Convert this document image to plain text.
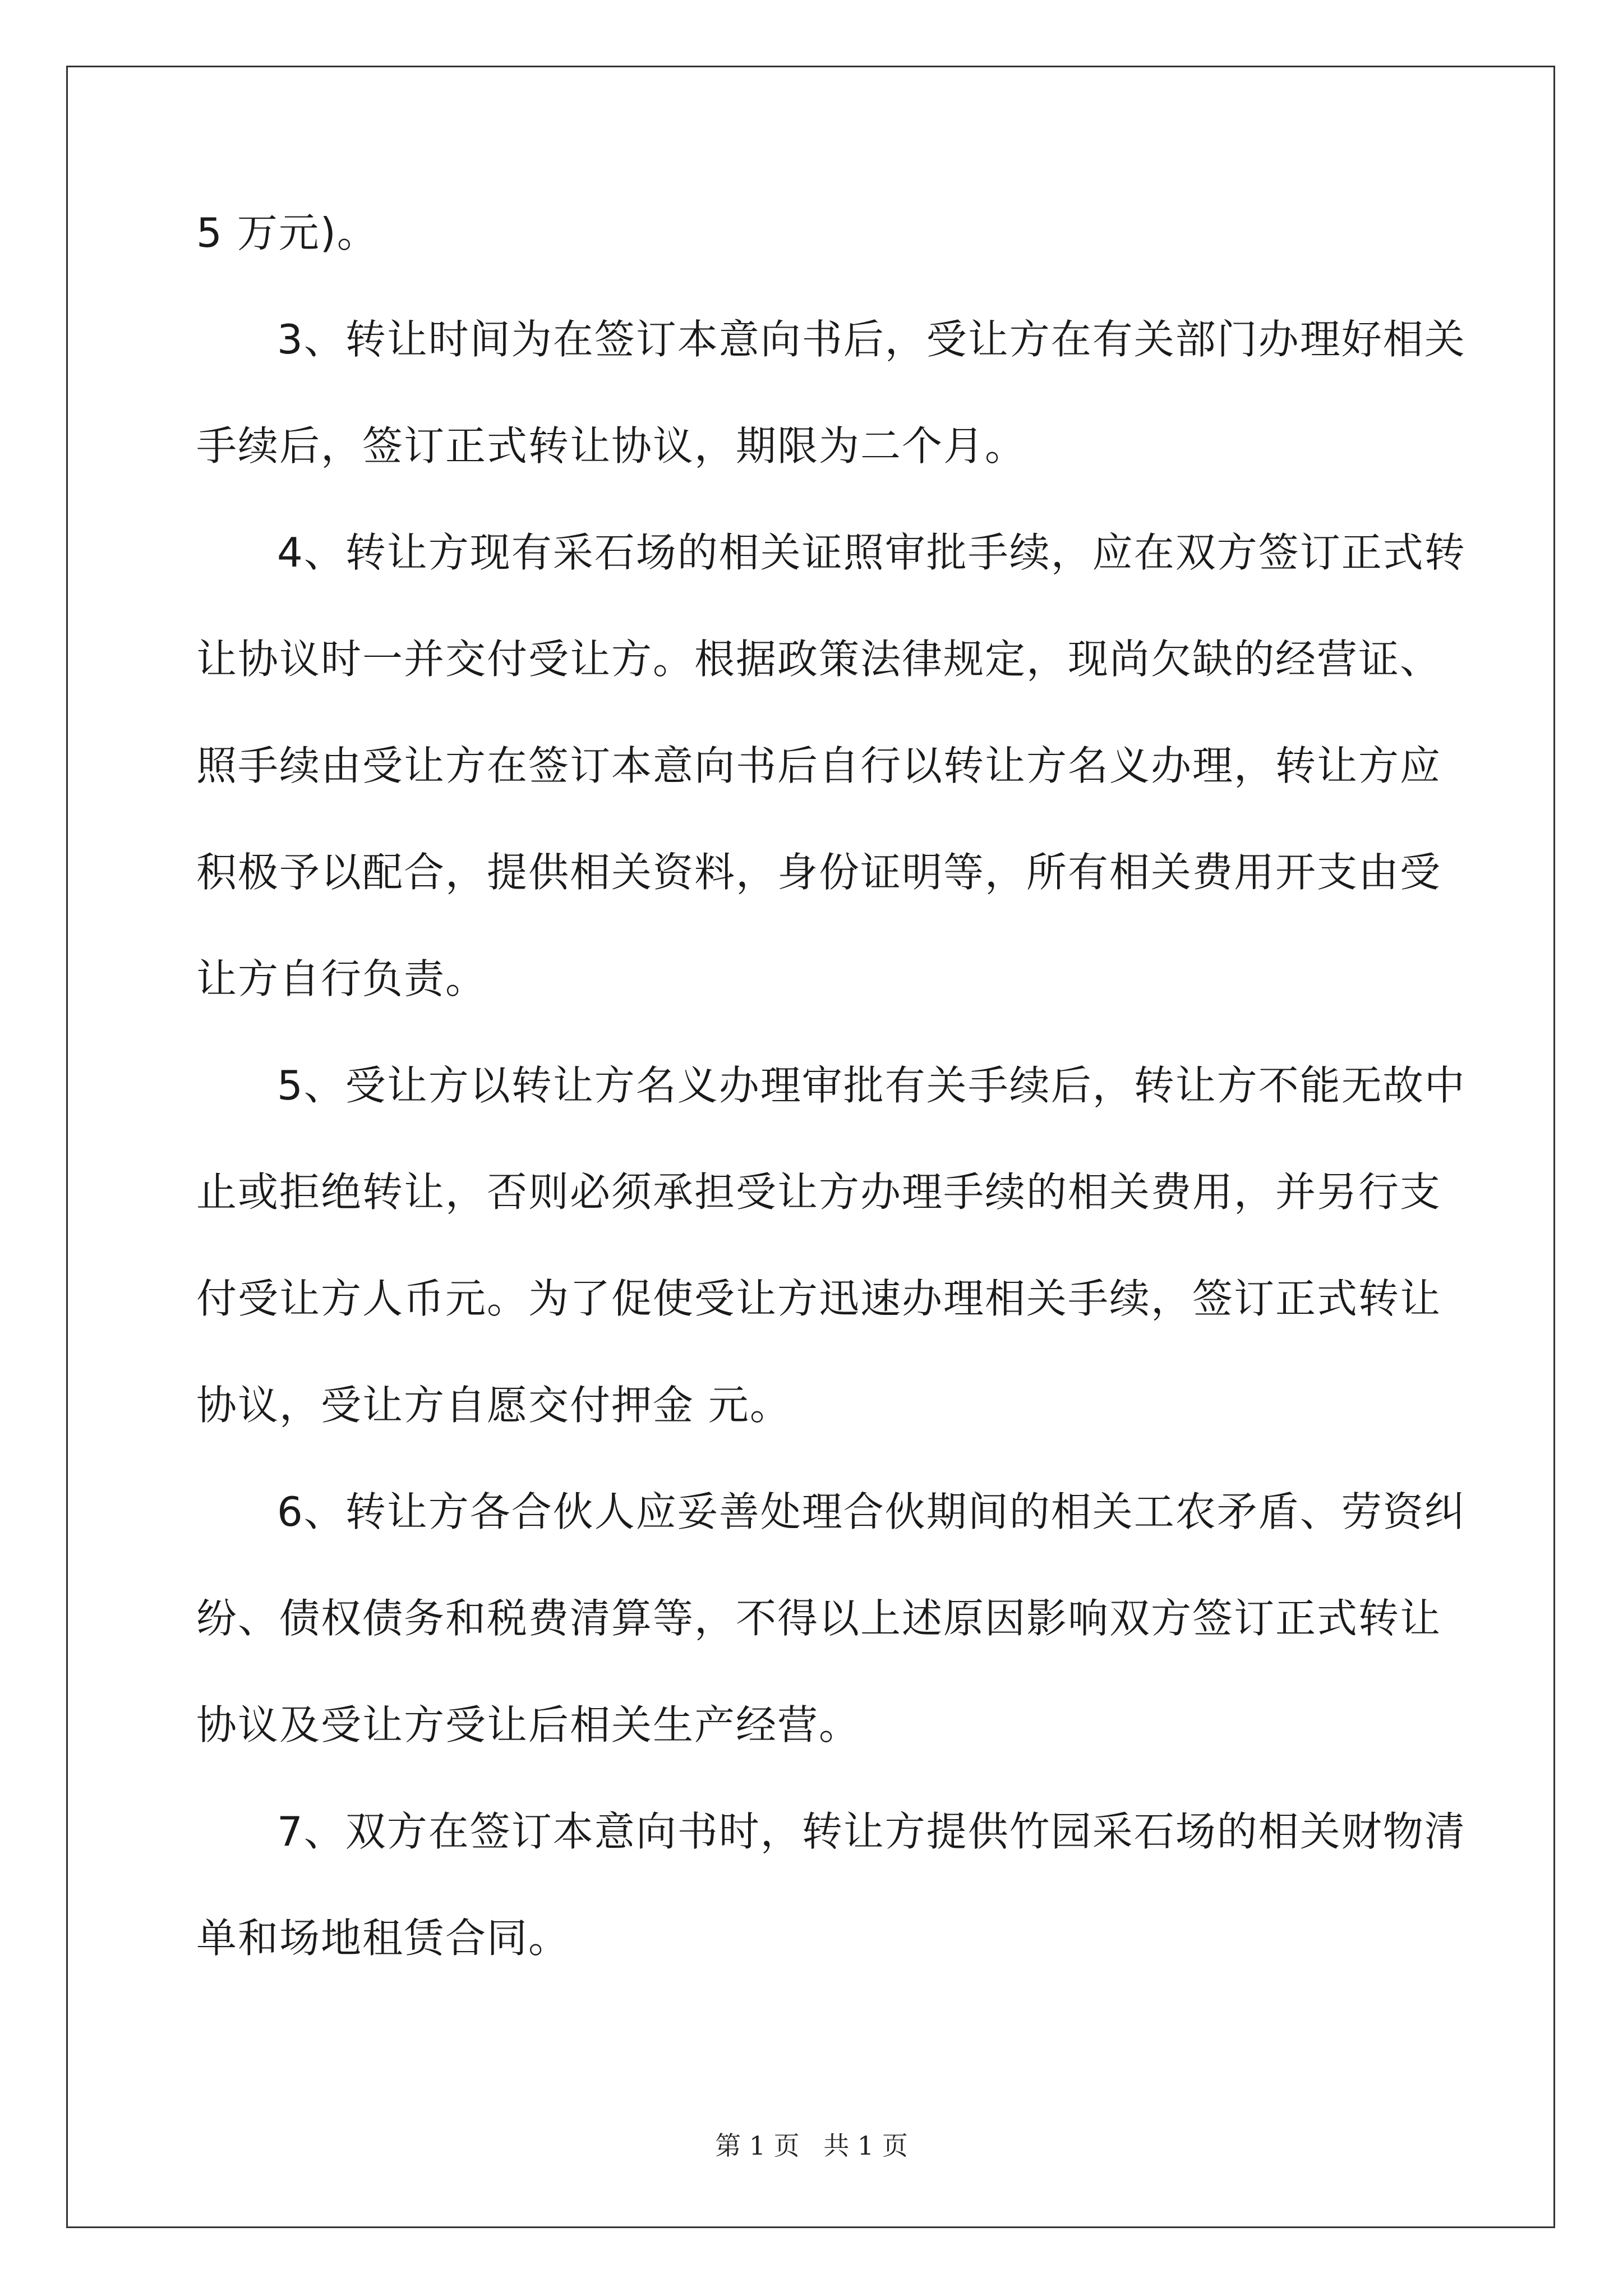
5 万元)。
3、转让时间为在签订本意向书后，受让方在有关部门办理好相关
手续后，签订正式转让协议，期限为二个月。
4、转让方现有采石场的相关证照审批手续，应在双方签订正式转
让协议时一并交付受让方。根据政策法律规定，现尚欠缺的经营证、
照手续由受让方在签订本意向书后自行以转让方名义办理，转让方应
积极予以配合，提供相关资料，身份证明等，所有相关费用开支由受
让方自行负责。
5、受让方以转让方名义办理审批有关手续后，转让方不能无故中
止或拒绝转让，否则必须承担受让方办理手续的相关费用，并另行支
付受让方人币元。为了促使受让方迅速办理相关手续，签订正式转让
协议，受让方自愿交付押金 元。
6、转让方各合伙人应妥善处理合伙期间的相关工农矛盾、劳资纠
纷、债权债务和税费清算等，不得以上述原因影响双方签订正式转让
协议及受让方受让后相关生产经营。
7、双方在签订本意向书时，转让方提供竹园采石场的相关财物清
单和场地租赁合同。
第 1 页 共 1 页
